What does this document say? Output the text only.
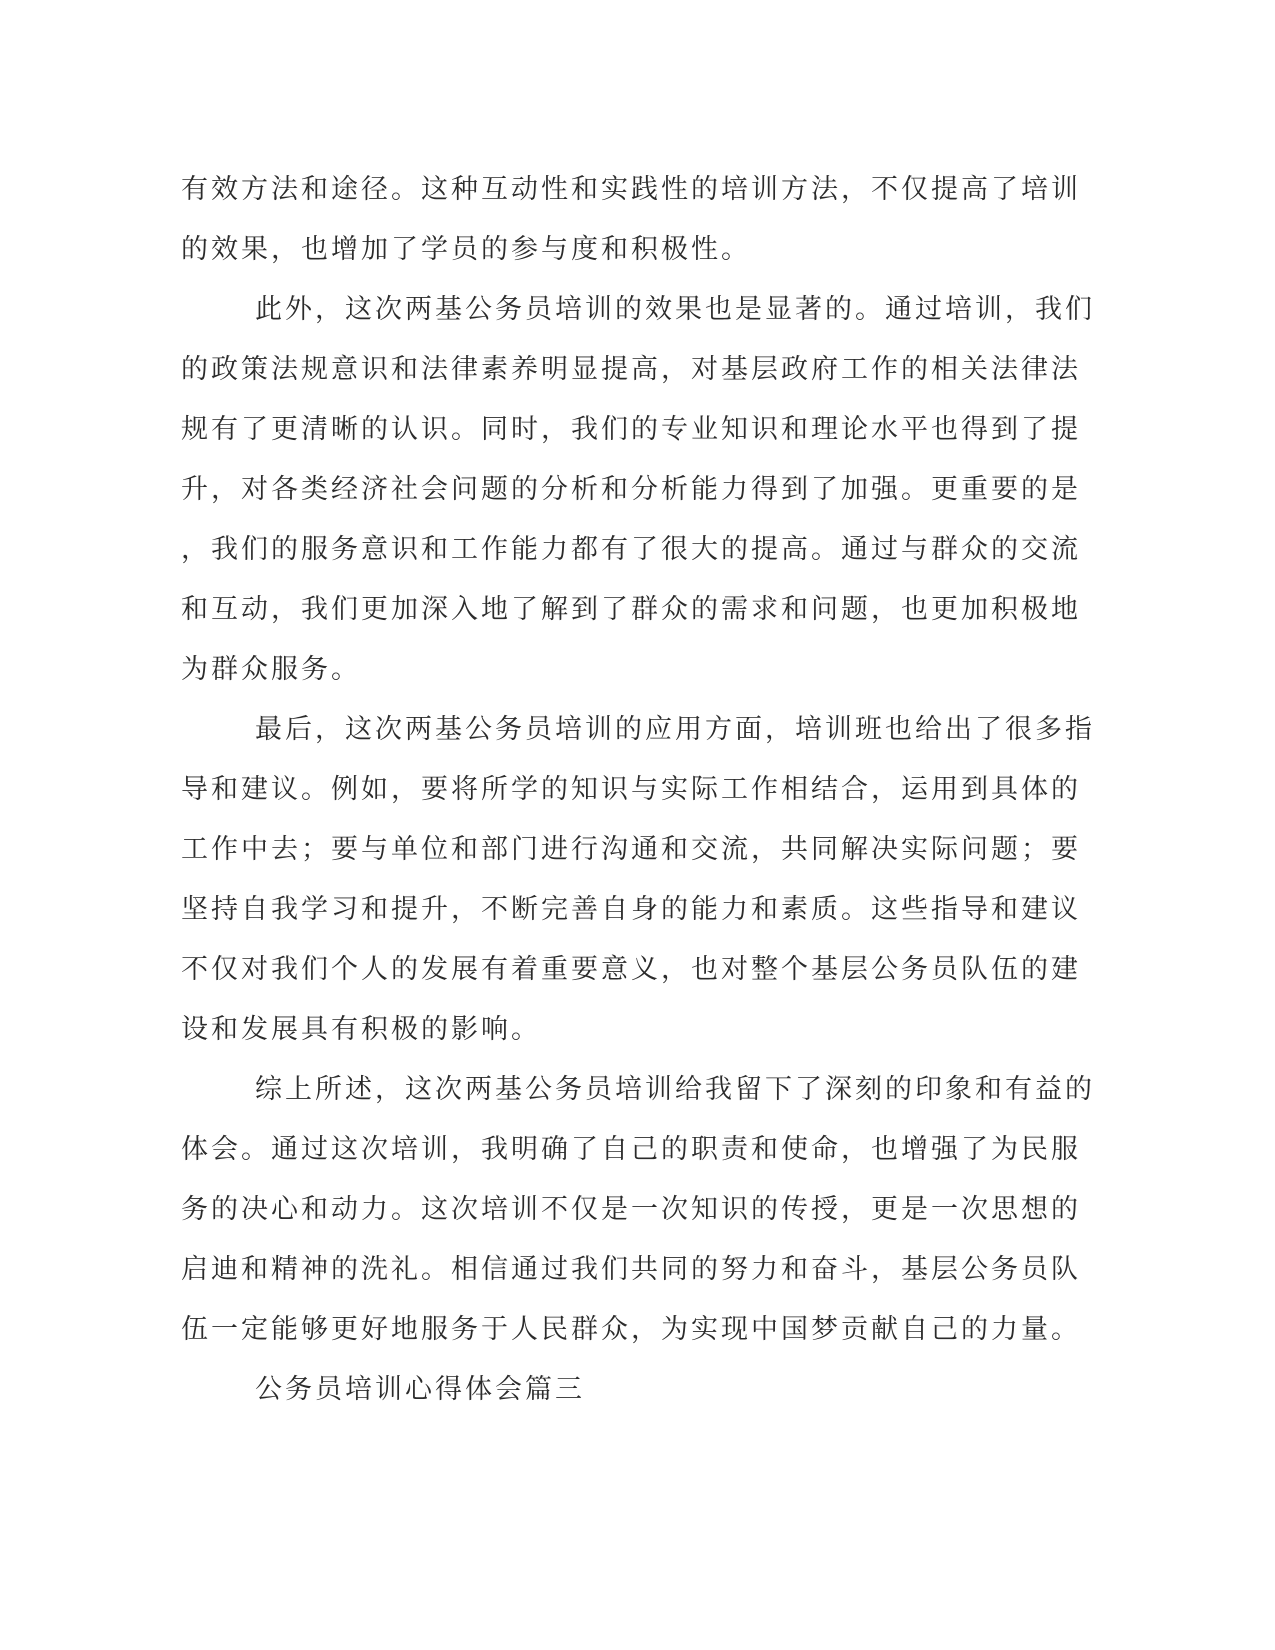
有效方法和途径。这种互动性和实践性的培训方法，不仅提高了培训
的效果，也增加了学员的参与度和积极性。
此外，这次两基公务员培训的效果也是显著的。通过培训，我们
的政策法规意识和法律素养明显提高，对基层政府工作的相关法律法
规有了更清晰的认识。同时，我们的专业知识和理论水平也得到了提
升，对各类经济社会问题的分析和分析能力得到了加强。更重要的是
，我们的服务意识和工作能力都有了很大的提高。通过与群众的交流
和互动，我们更加深入地了解到了群众的需求和问题，也更加积极地
为群众服务。
最后，这次两基公务员培训的应用方面，培训班也给出了很多指
导和建议。例如，要将所学的知识与实际工作相结合，运用到具体的
工作中去；要与单位和部门进行沟通和交流，共同解决实际问题；要
坚持自我学习和提升，不断完善自身的能力和素质。这些指导和建议
不仅对我们个人的发展有着重要意义，也对整个基层公务员队伍的建
设和发展具有积极的影响。
综上所述，这次两基公务员培训给我留下了深刻的印象和有益的
体会。通过这次培训，我明确了自己的职责和使命，也增强了为民服
务的决心和动力。这次培训不仅是一次知识的传授，更是一次思想的
启迪和精神的洗礼。相信通过我们共同的努力和奋斗，基层公务员队
伍一定能够更好地服务于人民群众，为实现中国梦贡献自己的力量。
公务员培训心得体会篇三
